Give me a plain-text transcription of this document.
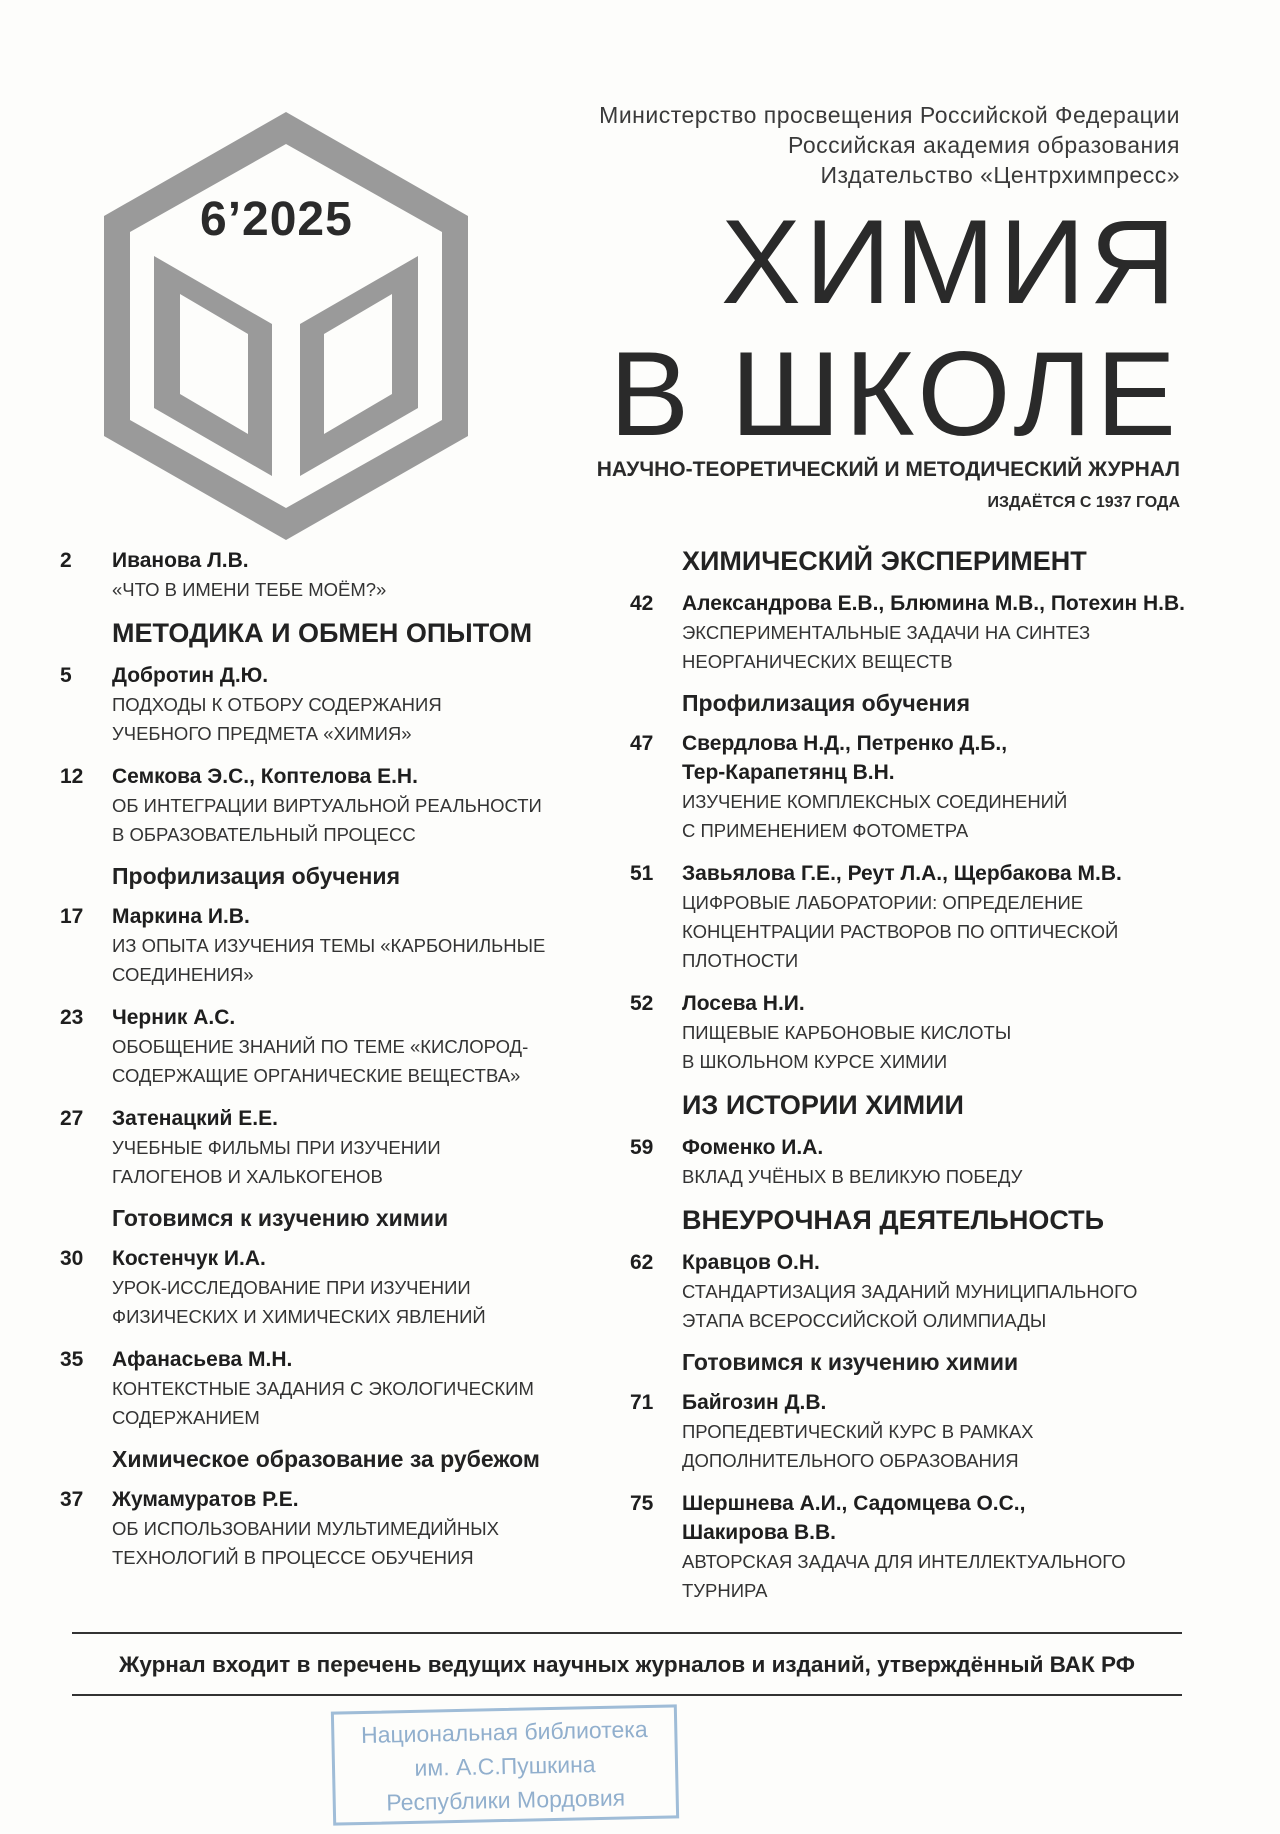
6’2025
Министерство просвещения Российской Федерации
Российская академия образования
Издательство «Центрхимпресс»
ХИМИЯ
В ШКОЛЕ
НАУЧНО-ТЕОРЕТИЧЕСКИЙ И МЕТОДИЧЕСКИЙ ЖУРНАЛ
ИЗДАЁТСЯ С 1937 ГОДА
2	Иванова Л.В.
«ЧТО В ИМЕНИ ТЕБЕ МОЁМ?»
МЕТОДИКА И ОБМЕН ОПЫТОМ
5	Добротин Д.Ю.
ПОДХОДЫ К ОТБОРУ СОДЕРЖАНИЯ
УЧЕБНОГО ПРЕДМЕТА «ХИМИЯ»
12	Семкова Э.С., Коптелова Е.Н.
ОБ ИНТЕГРАЦИИ ВИРТУАЛЬНОЙ РЕАЛЬНОСТИ
В ОБРАЗОВАТЕЛЬНЫЙ ПРОЦЕСС
Профилизация обучения
17	Маркина И.В.
ИЗ ОПЫТА ИЗУЧЕНИЯ ТЕМЫ «КАРБОНИЛЬНЫЕ
СОЕДИНЕНИЯ»
23	Черник А.С.
ОБОБЩЕНИЕ ЗНАНИЙ ПО ТЕМЕ «КИСЛОРОД-
СОДЕРЖАЩИЕ ОРГАНИЧЕСКИЕ ВЕЩЕСТВА»
27	Затенацкий Е.Е.
УЧЕБНЫЕ ФИЛЬМЫ ПРИ ИЗУЧЕНИИ
ГАЛОГЕНОВ И ХАЛЬКОГЕНОВ
Готовимся к изучению химии
30	Костенчук И.А.
УРОК-ИССЛЕДОВАНИЕ ПРИ ИЗУЧЕНИИ
ФИЗИЧЕСКИХ И ХИМИЧЕСКИХ ЯВЛЕНИЙ
35	Афанасьева М.Н.
КОНТЕКСТНЫЕ ЗАДАНИЯ С ЭКОЛОГИЧЕСКИМ
СОДЕРЖАНИЕМ
Химическое образование за рубежом
37	Жумамуратов Р.Е.
ОБ ИСПОЛЬЗОВАНИИ МУЛЬТИМЕДИЙНЫХ
ТЕХНОЛОГИЙ В ПРОЦЕССЕ ОБУЧЕНИЯ
ХИМИЧЕСКИЙ ЭКСПЕРИМЕНТ
42	Александрова Е.В., Блюмина М.В., Потехин Н.В.
ЭКСПЕРИМЕНТАЛЬНЫЕ ЗАДАЧИ НА СИНТЕЗ
НЕОРГАНИЧЕСКИХ ВЕЩЕСТВ
Профилизация обучения
47	Свердлова Н.Д., Петренко Д.Б.,
Тер-Карапетянц В.Н.
ИЗУЧЕНИЕ КОМПЛЕКСНЫХ СОЕДИНЕНИЙ
С ПРИМЕНЕНИЕМ ФОТОМЕТРА
51	Завьялова Г.Е., Реут Л.А., Щербакова М.В.
ЦИФРОВЫЕ ЛАБОРАТОРИИ: ОПРЕДЕЛЕНИЕ
КОНЦЕНТРАЦИИ РАСТВОРОВ ПО ОПТИЧЕСКОЙ
ПЛОТНОСТИ
52	Лосева Н.И.
ПИЩЕВЫЕ КАРБОНОВЫЕ КИСЛОТЫ
В ШКОЛЬНОМ КУРСЕ ХИМИИ
ИЗ ИСТОРИИ ХИМИИ
59	Фоменко И.А.
ВКЛАД УЧЁНЫХ В ВЕЛИКУЮ ПОБЕДУ
ВНЕУРОЧНАЯ ДЕЯТЕЛЬНОСТЬ
62	Кравцов О.Н.
СТАНДАРТИЗАЦИЯ ЗАДАНИЙ МУНИЦИПАЛЬНОГО
ЭТАПА ВСЕРОССИЙСКОЙ ОЛИМПИАДЫ
Готовимся к изучению химии
71	Байгозин Д.В.
ПРОПЕДЕВТИЧЕСКИЙ КУРС В РАМКАХ
ДОПОЛНИТЕЛЬНОГО ОБРАЗОВАНИЯ
75	Шершнева А.И., Садомцева О.С.,
Шакирова В.В.
АВТОРСКАЯ ЗАДАЧА ДЛЯ ИНТЕЛЛЕКТУАЛЬНОГО
ТУРНИРА
Журнал входит в перечень ведущих научных журналов и изданий, утверждённый ВАК РФ
Национальная библиотека
им. А.С.Пушкина
Республики Мордовия
